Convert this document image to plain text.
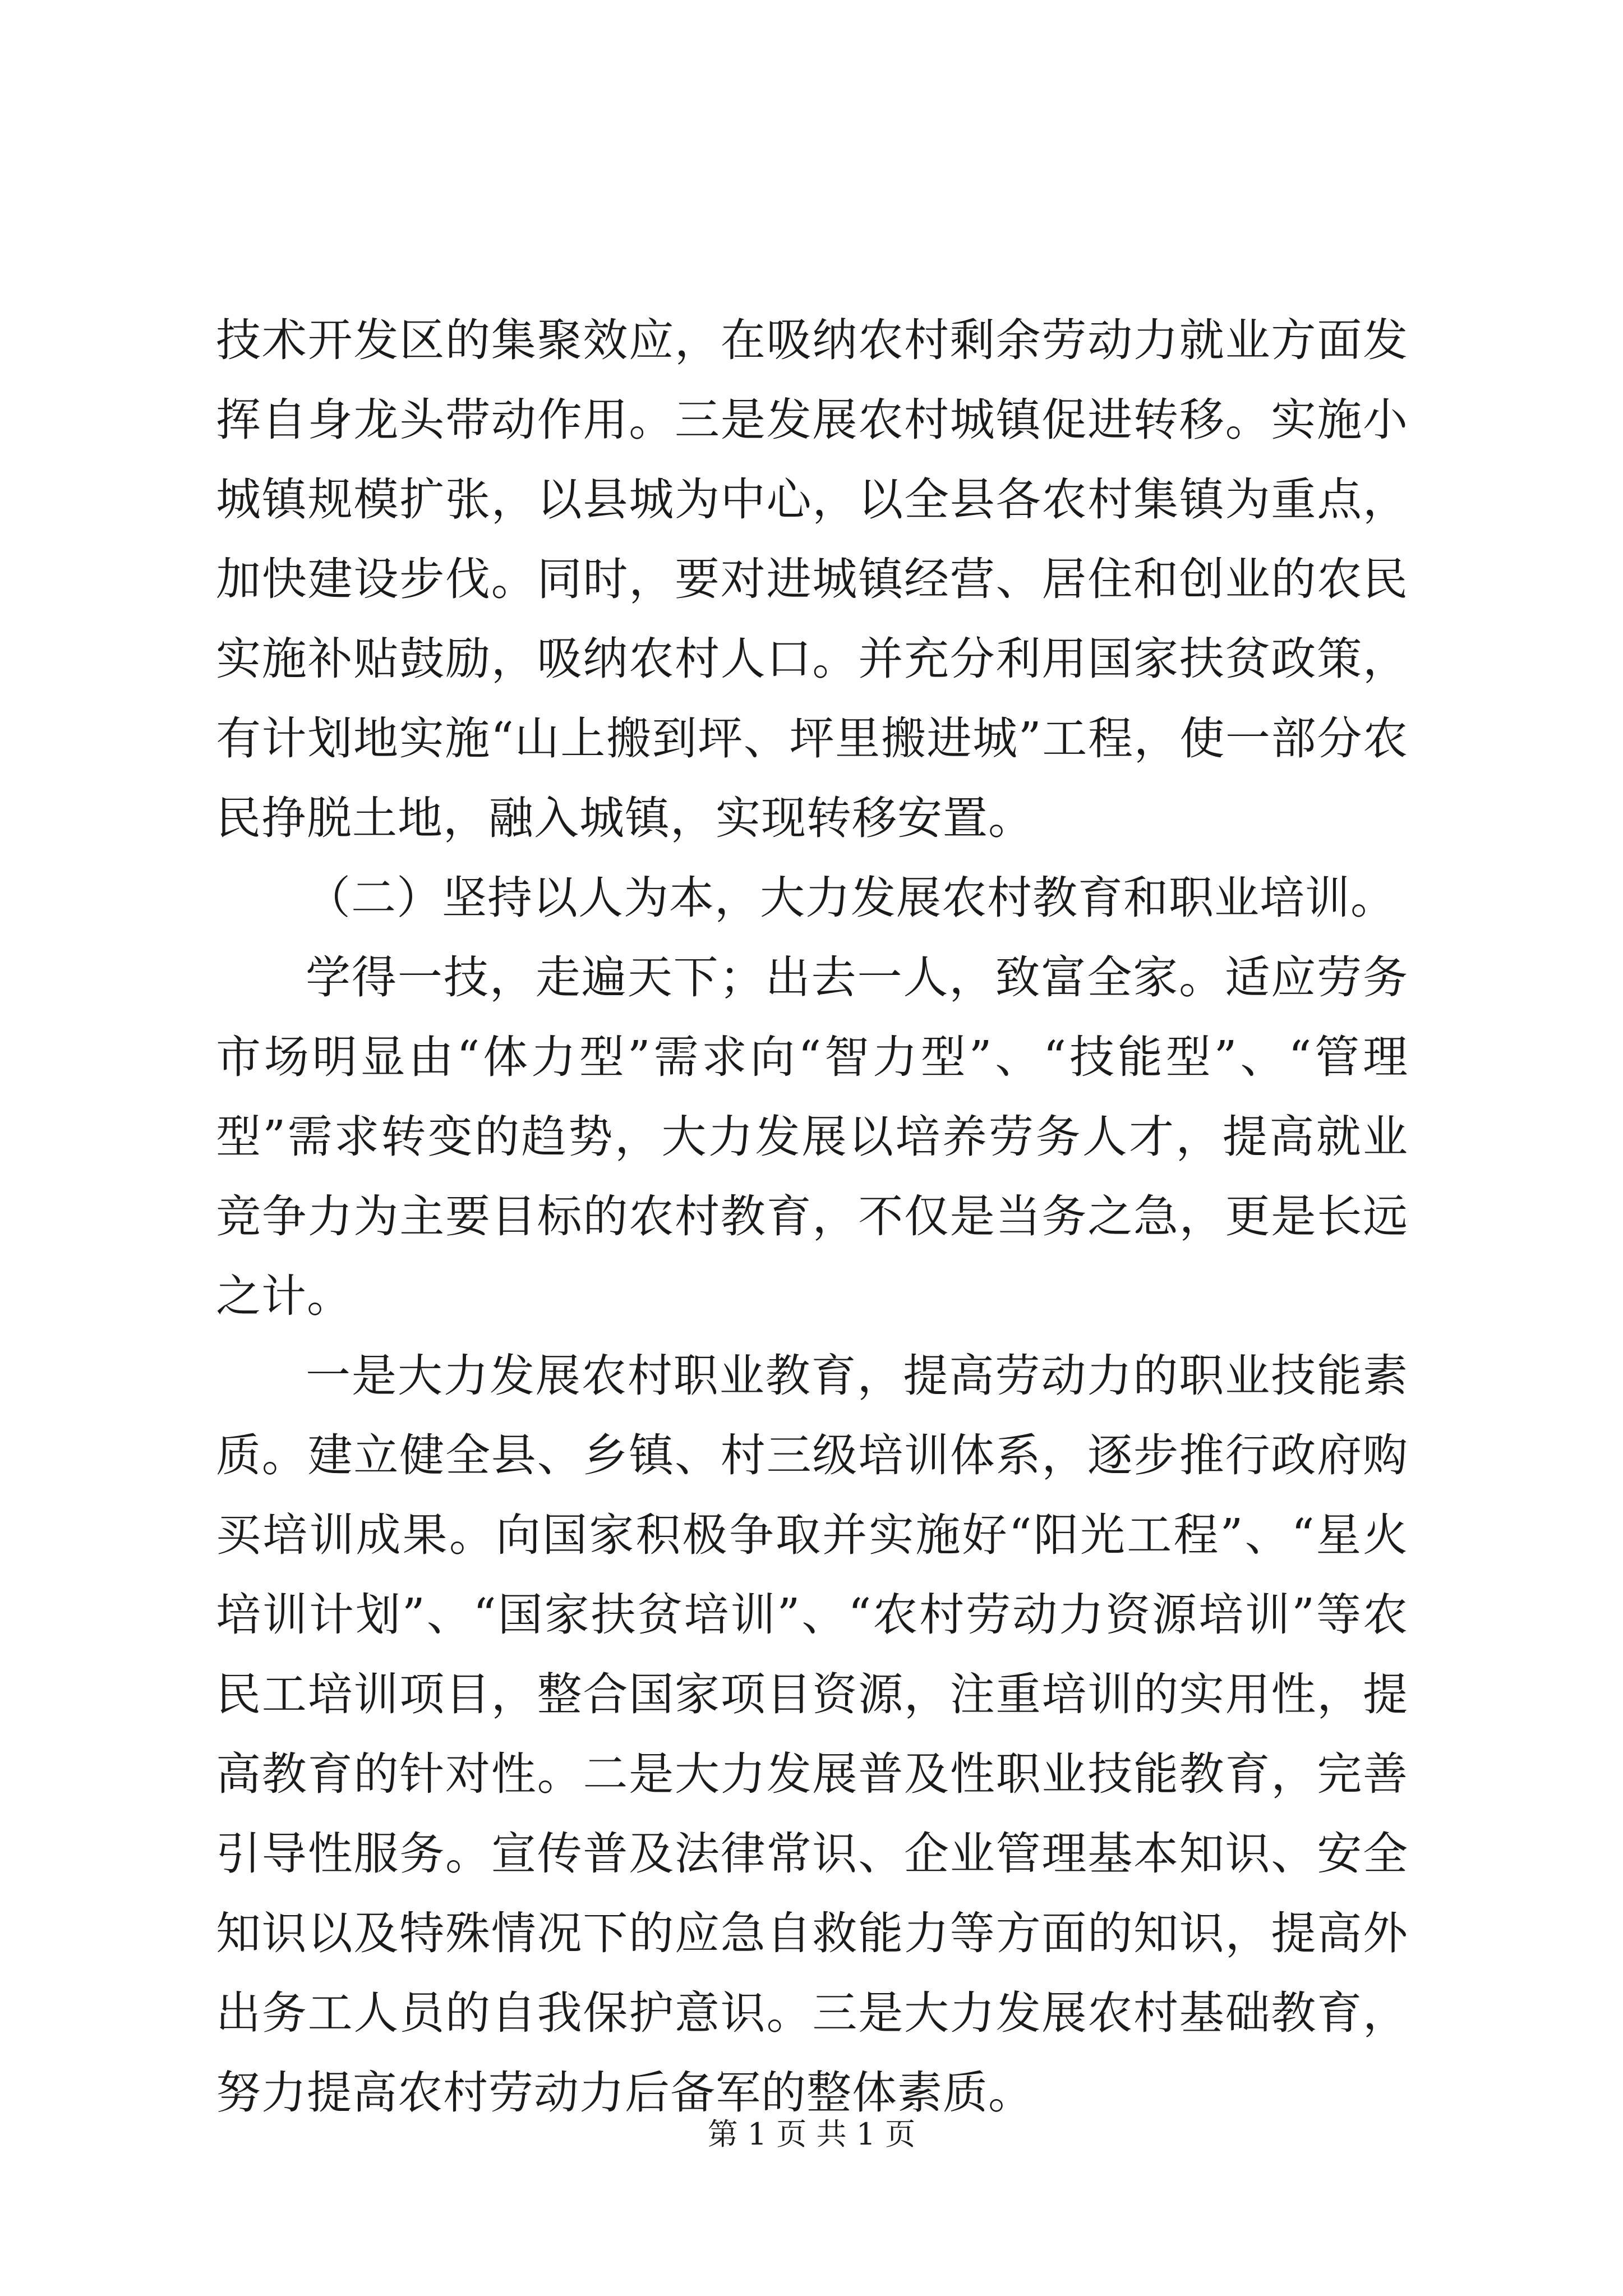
技术开发区的集聚效应，在吸纳农村剩余劳动力就业方面发挥自身龙头带动作用。三是发展农村城镇促进转移。实施小城镇规模扩张，以县城为中心，以全县各农村集镇为重点，加快建设步伐。同时，要对进城镇经营、居住和创业的农民实施补贴鼓励，吸纳农村人口。并充分利用国家扶贫政策，有计划地实施“山上搬到坪、坪里搬进城”工程，使一部分农民挣脱土地，融入城镇，实现转移安置。

（二）坚持以人为本，大力发展农村教育和职业培训。

学得一技，走遍天下；出去一人，致富全家。适应劳务市场明显由“体力型”需求向“智力型”、“技能型”、“管理型”需求转变的趋势，大力发展以培养劳务人才，提高就业竞争力为主要目标的农村教育，不仅是当务之急，更是长远之计。

一是大力发展农村职业教育，提高劳动力的职业技能素质。建立健全县、乡镇、村三级培训体系，逐步推行政府购买培训成果。向国家积极争取并实施好“阳光工程”、“星火培训计划”、“国家扶贫培训”、“农村劳动力资源培训”等农民工培训项目，整合国家项目资源，注重培训的实用性，提高教育的针对性。二是大力发展普及性职业技能教育，完善引导性服务。宣传普及法律常识、企业管理基本知识、安全知识以及特殊情况下的应急自救能力等方面的知识，提高外出务工人员的自我保护意识。三是大力发展农村基础教育，努力提高农村劳动力后备军的整体素质。

第 1 页 共 1 页
